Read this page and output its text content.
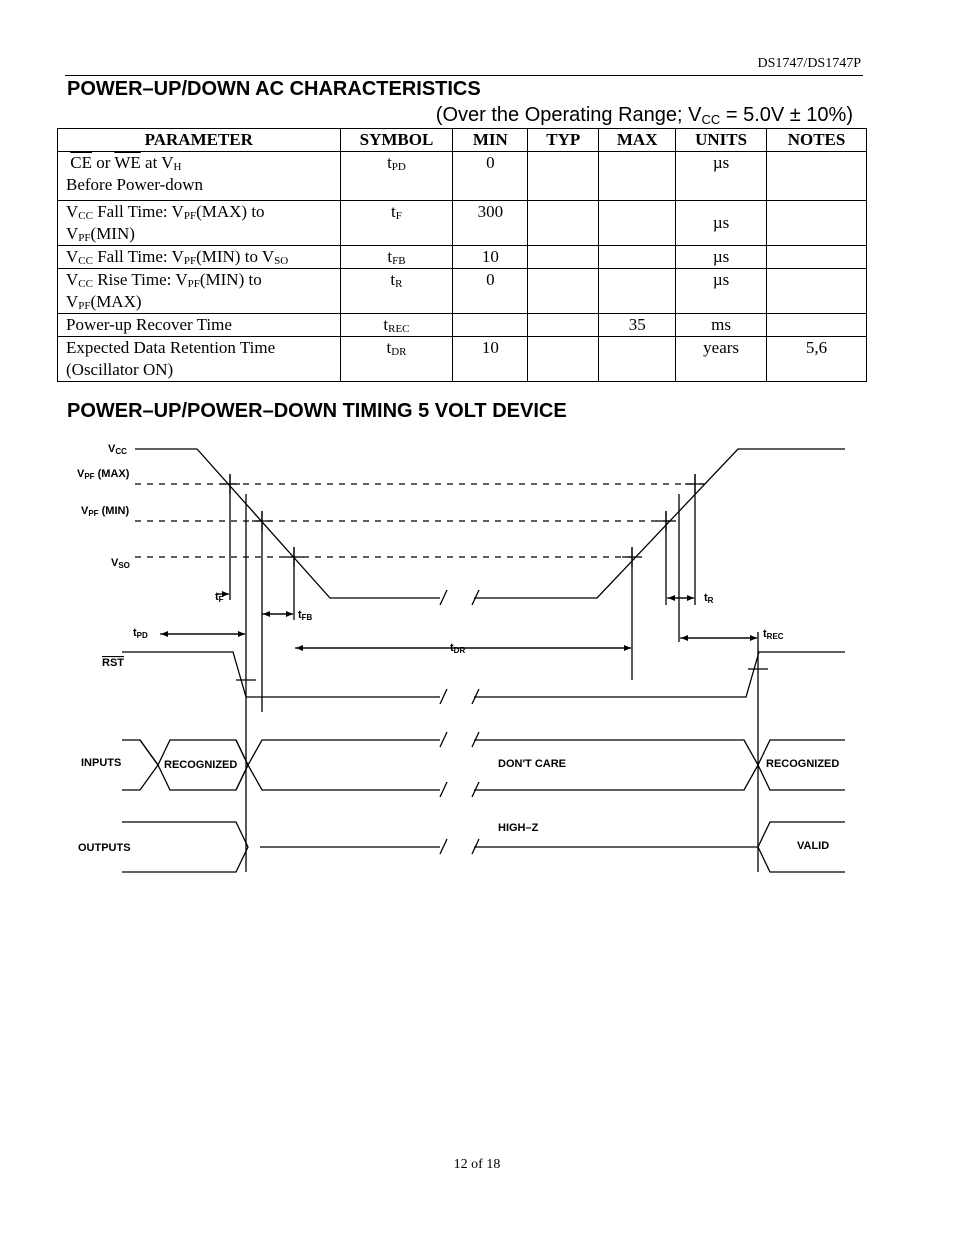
DS1747/DS1747P
POWER–UP/DOWN AC CHARACTERISTICS
(Over the Operating Range; $V_{CC} = 5.0V \pm 10\%$)
PARAMETER	SYMBOL	MIN	TYP	MAX	UNITS	NOTES
$\overline{CE}$ or $\overline{WE}$ at $V_H$
Before Power-down	$t_{PD}$	0			µs	
$V_{CC}$ Fall Time: $V_{PF}(MAX)$ to
$V_{PF}(MIN)$	$t_F$	300			µs	
$V_{CC}$ Fall Time: $V_{PF}(MIN)$ to $V_{SO}$	$t_{FB}$	10			µs	
$V_{CC}$ Rise Time: $V_{PF}(MIN)$ to
$V_{PF}(MAX)$	$t_R$	0			µs	
Power-up Recover Time	$t_{REC}$			35	ms	
Expected Data Retention Time
(Oscillator ON)	$t_{DR}$	10			years	5,6
POWER–UP/POWER–DOWN TIMING 5 VOLT DEVICE
VCC
VPF (MAX)
VPF (MIN)
VSO
tF
tFB
tPD
tDR
tR
tREC
RST
INPUTS
OUTPUTS
RECOGNIZED	DON'T CARE	RECOGNIZED
HIGH–Z
VALID
12 of 18
